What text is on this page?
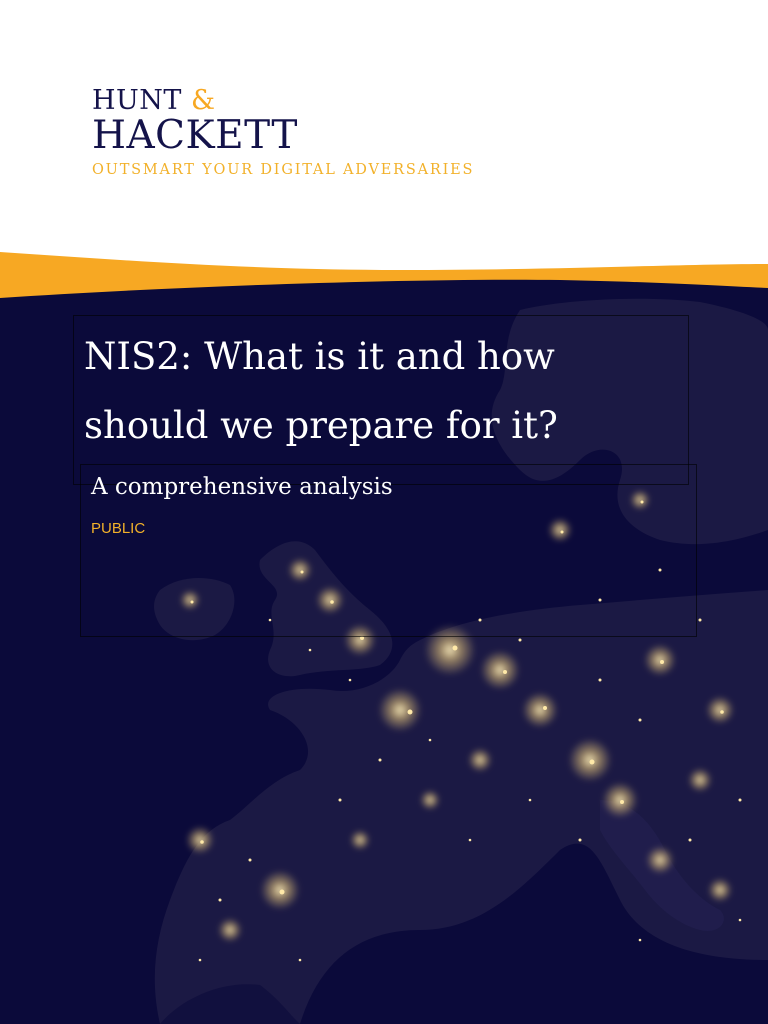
HUNT &
HACKETT
OUTSMART YOUR DIGITAL ADVERSARIES
NIS2: What is it and how should we prepare for it?
A comprehensive analysis
PUBLIC
